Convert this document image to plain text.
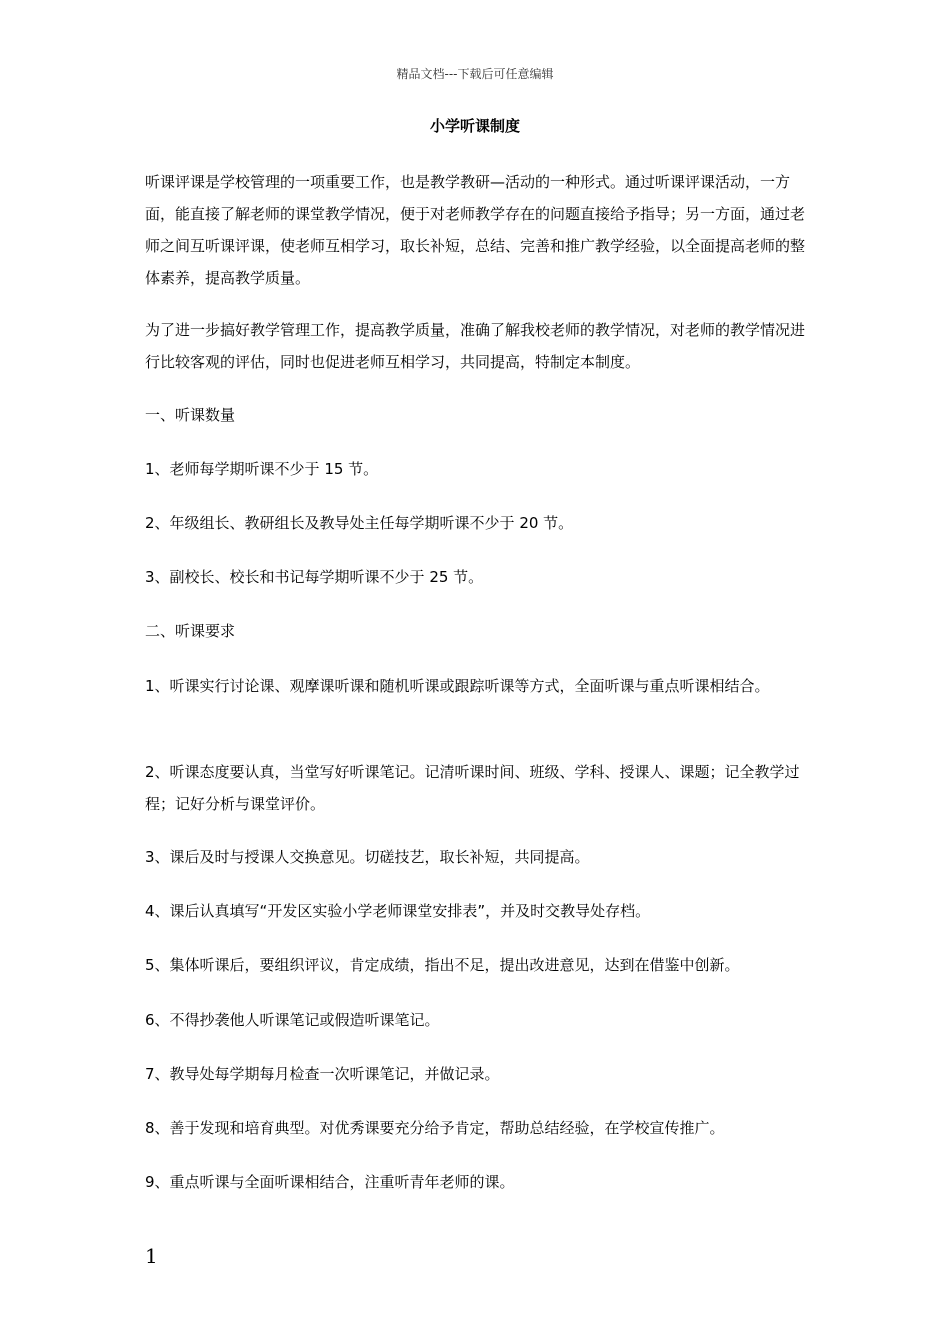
精品文档---下载后可任意编辑
小学听课制度

听课评课是学校管理的一项重要工作，也是教学教研—活动的一种形式。通过听课评课活动，一方面，能直接了解老师的课堂教学情况，便于对老师教学存在的问题直接给予指导；另一方面，通过老师之间互听课评课，使老师互相学习，取长补短，总结、完善和推广教学经验，以全面提高老师的整体素养，提高教学质量。

为了进一步搞好教学管理工作，提高教学质量，准确了解我校老师的教学情况，对老师的教学情况进行比较客观的评估，同时也促进老师互相学习，共同提高，特制定本制度。

一、听课数量

1、老师每学期听课不少于 15 节。

2、年级组长、教研组长及教导处主任每学期听课不少于 20 节。

3、副校长、校长和书记每学期听课不少于 25 节。

二、听课要求

1、听课实行讨论课、观摩课听课和随机听课或跟踪听课等方式，全面听课与重点听课相结合。

2、听课态度要认真，当堂写好听课笔记。记清听课时间、班级、学科、授课人、课题；记全教学过程；记好分析与课堂评价。

3、课后及时与授课人交换意见。切磋技艺，取长补短，共同提高。

4、课后认真填写“开发区实验小学老师课堂安排表”，并及时交教导处存档。

5、集体听课后，要组织评议，肯定成绩，指出不足，提出改进意见，达到在借鉴中创新。

6、不得抄袭他人听课笔记或假造听课笔记。

7、教导处每学期每月检查一次听课笔记，并做记录。

8、善于发现和培育典型。对优秀课要充分给予肯定，帮助总结经验，在学校宣传推广。

9、重点听课与全面听课相结合，注重听青年老师的课。

1
